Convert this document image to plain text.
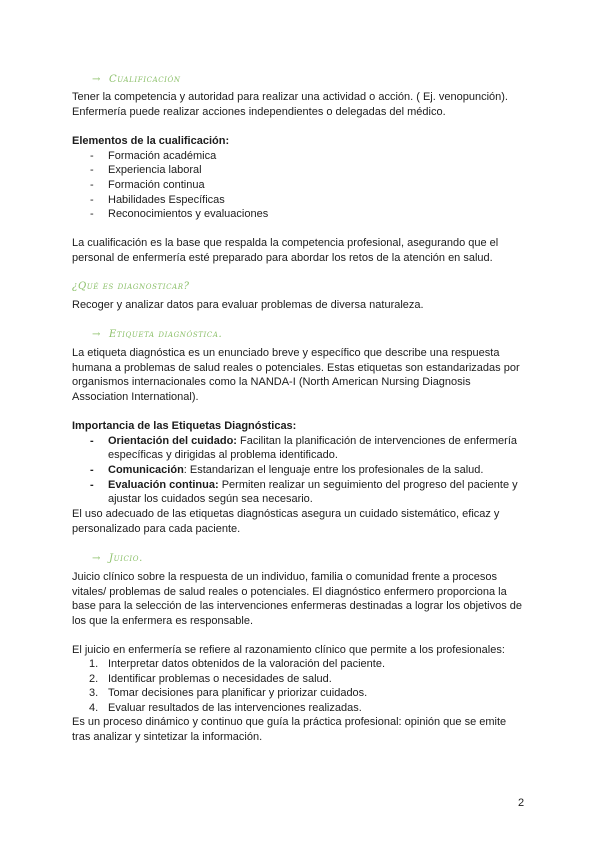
→ Cualificación
Tener la competencia y autoridad para realizar una actividad o acción. ( Ej. venopunción).
Enfermería puede realizar acciones independientes o delegadas del médico.
Elementos de la cualificación:
- Formación académica
- Experiencia laboral
- Formación continua
- Habilidades Específicas
- Reconocimientos y evaluaciones
La cualificación es la base que respalda la competencia profesional, asegurando que el
personal de enfermería esté preparado para abordar los retos de la atención en salud.
¿Qué es diagnosticar?
Recoger y analizar datos para evaluar problemas de diversa naturaleza.
→ Etiqueta diagnóstica.
La etiqueta diagnóstica es un enunciado breve y específico que describe una respuesta
humana a problemas de salud reales o potenciales. Estas etiquetas son estandarizadas por
organismos internacionales como la NANDA-I (North American Nursing Diagnosis
Association International).
Importancia de las Etiquetas Diagnósticas:
- Orientación del cuidado: Facilitan la planificación de intervenciones de enfermería
específicas y dirigidas al problema identificado.
- Comunicación: Estandarizan el lenguaje entre los profesionales de la salud.
- Evaluación continua: Permiten realizar un seguimiento del progreso del paciente y
ajustar los cuidados según sea necesario.
El uso adecuado de las etiquetas diagnósticas asegura un cuidado sistemático, eficaz y
personalizado para cada paciente.
→ Juicio.
Juicio clínico sobre la respuesta de un individuo, familia o comunidad frente a procesos
vitales/ problemas de salud reales o potenciales. El diagnóstico enfermero proporciona la
base para la selección de las intervenciones enfermeras destinadas a lograr los objetivos de
los que la enfermera es responsable.
El juicio en enfermería se refiere al razonamiento clínico que permite a los profesionales:
1. Interpretar datos obtenidos de la valoración del paciente.
2. Identificar problemas o necesidades de salud.
3. Tomar decisiones para planificar y priorizar cuidados.
4. Evaluar resultados de las intervenciones realizadas.
Es un proceso dinámico y continuo que guía la práctica profesional: opinión que se emite
tras analizar y sintetizar la información.
2
